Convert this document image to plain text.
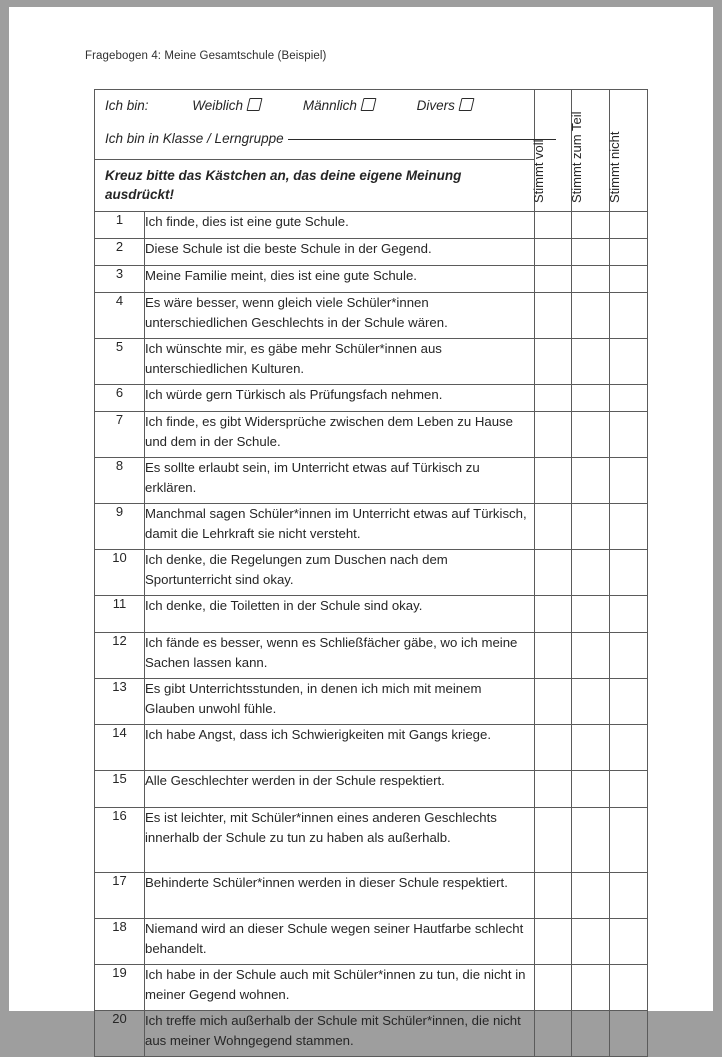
Fragebogen 4: Meine Gesamtschule (Beispiel)
Ich bin: Weiblich Männlich Divers
Ich bin in Klasse / Lerngruppe
Kreuz bitte das Kästchen an, das deine eigene Meinung ausdrückt!		Stimmt voll	Stimmt zum Teil	Stimmt nicht

1	Ich finde, dies ist eine gute Schule.			
2	Diese Schule ist die beste Schule in der Gegend.			
3	Meine Familie meint, dies ist eine gute Schule.			
4	Es wäre besser, wenn gleich viele Schüler*innen unterschiedlichen Geschlechts in der Schule wären.			
5	Ich wünschte mir, es gäbe mehr Schüler*innen aus unterschiedlichen Kulturen.			
6	Ich würde gern Türkisch als Prüfungsfach nehmen.			
7	Ich finde, es gibt Widersprüche zwischen dem Leben zu Hause und dem in der Schule.			
8	Es sollte erlaubt sein, im Unterricht etwas auf Türkisch zu erklären.			
9	Manchmal sagen Schüler*innen im Unterricht etwas auf Türkisch, damit die Lehrkraft sie nicht versteht.			
10	Ich denke, die Regelungen zum Duschen nach dem Sportunterricht sind okay.			
11	Ich denke, die Toiletten in der Schule sind okay.			
12	Ich fände es besser, wenn es Schließfächer gäbe, wo ich meine Sachen lassen kann.			
13	Es gibt Unterrichtsstunden, in denen ich mich mit meinem Glauben unwohl fühle.			
14	Ich habe Angst, dass ich Schwierigkeiten mit Gangs kriege.			
15	Alle Geschlechter werden in der Schule respektiert.			
16	Es ist leichter, mit Schüler*innen eines anderen Geschlechts innerhalb der Schule zu tun zu haben als außerhalb.			
17	Behinderte Schüler*innen werden in dieser Schule respektiert.			
18	Niemand wird an dieser Schule wegen seiner Hautfarbe schlecht behandelt.			
19	Ich habe in der Schule auch mit Schüler*innen zu tun, die nicht in meiner Gegend wohnen.			
20	Ich treffe mich außerhalb der Schule mit Schüler*innen, die nicht aus meiner Wohngegend stammen.			
